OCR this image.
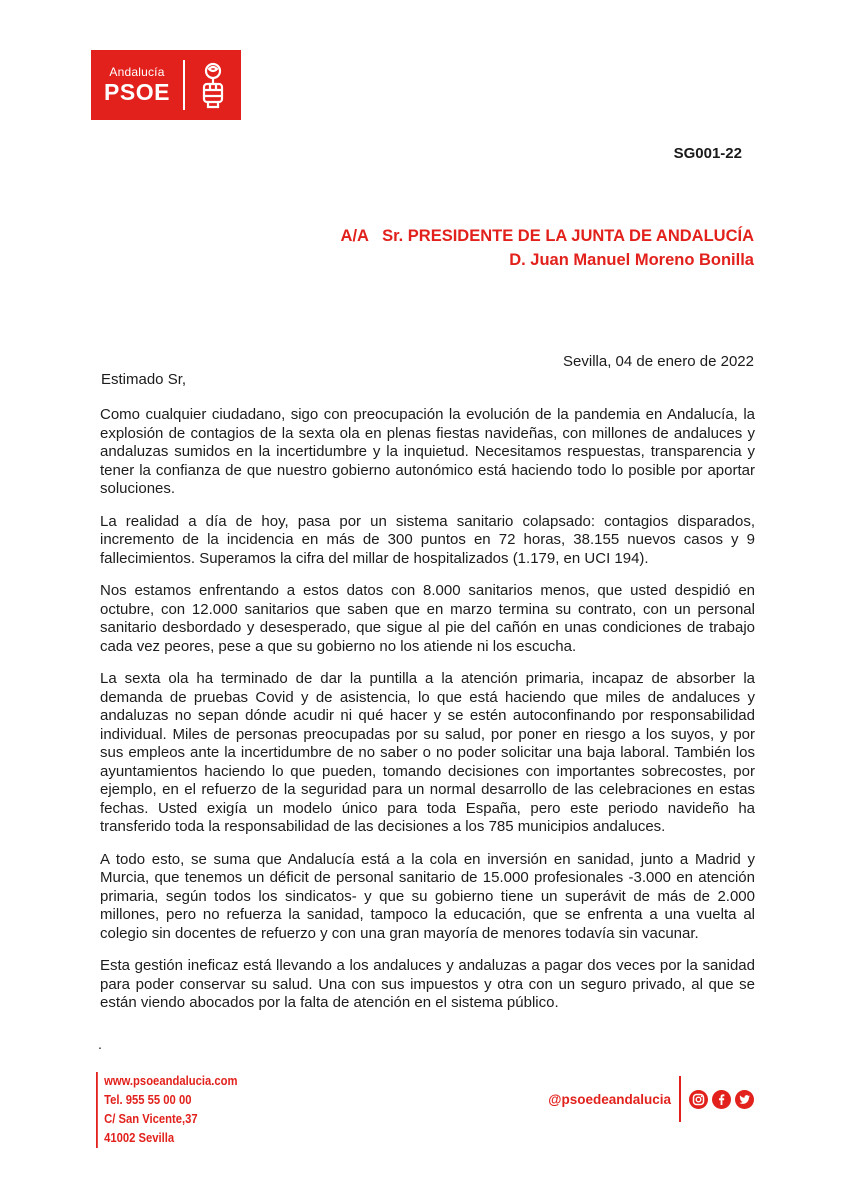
Andalucía
PSOE
SG001-22
A/A   Sr. PRESIDENTE DE LA JUNTA DE ANDALUCÍA
D. Juan Manuel Moreno Bonilla
Sevilla, 04 de enero de 2022
Estimado Sr,

Como cualquier ciudadano, sigo con preocupación la evolución de la pandemia en Andalucía, la explosión de contagios de la sexta ola en plenas fiestas navideñas, con millones de andaluces y andaluzas sumidos en la incertidumbre y la inquietud. Necesitamos respuestas, transparencia y tener la confianza de que nuestro gobierno autonómico está haciendo todo lo posible por aportar soluciones.

La realidad a día de hoy, pasa por un sistema sanitario colapsado: contagios disparados, incremento de la incidencia en más de 300 puntos en 72 horas, 38.155 nuevos casos y 9 fallecimientos. Superamos la cifra del millar de hospitalizados (1.179, en UCI 194).

Nos estamos enfrentando a estos datos con 8.000 sanitarios menos, que usted despidió en octubre, con 12.000 sanitarios que saben que en marzo termina su contrato, con un personal sanitario desbordado y desesperado, que sigue al pie del cañón en unas condiciones de trabajo cada vez peores, pese a que su gobierno no los atiende ni los escucha.

La sexta ola ha terminado de dar la puntilla a la atención primaria, incapaz de absorber la demanda de pruebas Covid y de asistencia, lo que está haciendo que miles de andaluces y andaluzas no sepan dónde acudir ni qué hacer y se estén autoconfinando por responsabilidad individual. Miles de personas preocupadas por su salud, por poner en riesgo a los suyos, y por sus empleos ante la incertidumbre de no saber o no poder solicitar una baja laboral. También los ayuntamientos haciendo lo que pueden, tomando decisiones con importantes sobrecostes, por ejemplo, en el refuerzo de la seguridad para un normal desarrollo de las celebraciones en estas fechas. Usted exigía un modelo único para toda España, pero este periodo navideño ha transferido toda la responsabilidad de las decisiones a los 785 municipios andaluces.

A todo esto, se suma que Andalucía está a la cola en inversión en sanidad, junto a Madrid y Murcia, que tenemos un déficit de personal sanitario de 15.000 profesionales -3.000 en atención primaria, según todos los sindicatos- y que su gobierno tiene un superávit de más de 2.000 millones, pero no refuerza la sanidad, tampoco la educación, que se enfrenta a una vuelta al colegio sin docentes de refuerzo y con una gran mayoría de menores todavía sin vacunar.

Esta gestión ineficaz está llevando a los andaluces y andaluzas a pagar dos veces por la sanidad para poder conservar su salud. Una con sus impuestos y otra con un seguro privado, al que se están viendo abocados por la falta de atención en el sistema público.

.
www.psoeandalucia.com
Tel. 955 55 00 00
C/ San Vicente,37
41002 Sevilla
@psoedeandalucia
